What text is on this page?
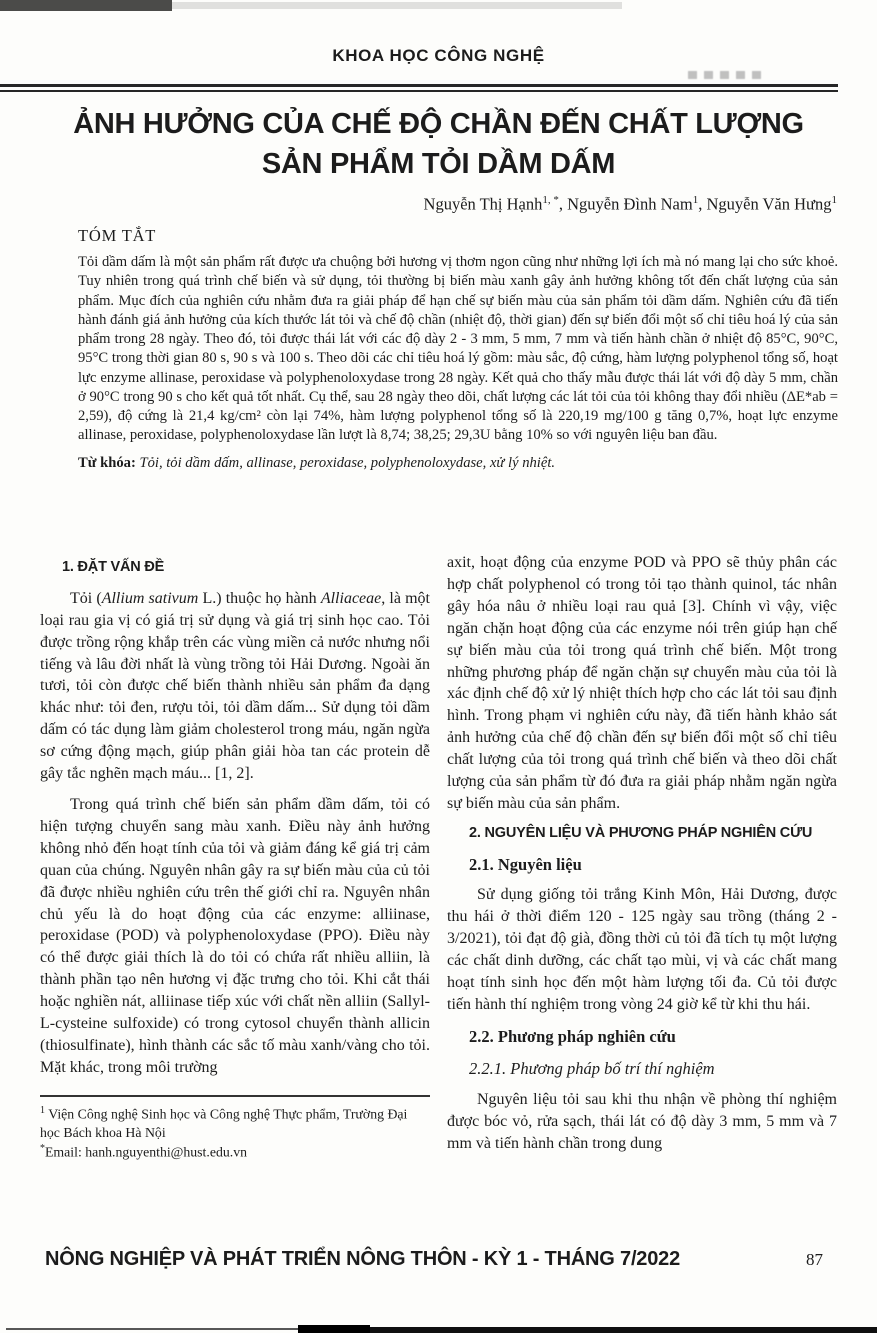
KHOA HỌC CÔNG NGHỆ
ẢNH HƯỞNG CỦA CHẾ ĐỘ CHẦN ĐẾN CHẤT LƯỢNG
SẢN PHẨM TỎI DẦM DẤM
Nguyễn Thị Hạnh$^{1, *}$, Nguyễn Đình Nam$^1$, Nguyễn Văn Hưng$^1$
TÓM TẮT
Tỏi dầm dấm là một sản phẩm rất được ưa chuộng bởi hương vị thơm ngon cũng như những lợi ích mà nó mang lại cho sức khoẻ. Tuy nhiên trong quá trình chế biến và sử dụng, tỏi thường bị biến màu xanh gây ảnh hưởng không tốt đến chất lượng của sản phẩm. Mục đích của nghiên cứu nhằm đưa ra giải pháp để hạn chế sự biến màu của sản phẩm tỏi dầm dấm. Nghiên cứu đã tiến hành đánh giá ảnh hưởng của kích thước lát tỏi và chế độ chần (nhiệt độ, thời gian) đến sự biến đổi một số chỉ tiêu hoá lý của sản phẩm trong 28 ngày. Theo đó, tỏi được thái lát với các độ dày 2 - 3 mm, 5 mm, 7 mm và tiến hành chần ở nhiệt độ 85°C, 90°C, 95°C trong thời gian 80 s, 90 s và 100 s. Theo dõi các chỉ tiêu hoá lý gồm: màu sắc, độ cứng, hàm lượng polyphenol tổng số, hoạt lực enzyme allinase, peroxidase và polyphenoloxydase trong 28 ngày. Kết quả cho thấy mẫu được thái lát với độ dày 5 mm, chần ở 90°C trong 90 s cho kết quả tốt nhất. Cụ thể, sau 28 ngày theo dõi, chất lượng các lát tỏi của tỏi không thay đổi nhiều (ΔE*ab = 2,59), độ cứng là 21,4 kg/cm² còn lại 74%, hàm lượng polyphenol tổng số là 220,19 mg/100 g tăng 0,7%, hoạt lực enzyme allinase, peroxidase, polyphenoloxydase lần lượt là 8,74; 38,25; 29,3U bằng 10% so với nguyên liệu ban đầu.
Từ khóa: Tỏi, tỏi dầm dấm, allinase, peroxidase, polyphenoloxydase, xử lý nhiệt.
1. ĐẶT VẤN ĐỀ

Tỏi (Allium sativum L.) thuộc họ hành Alliaceae, là một loại rau gia vị có giá trị sử dụng và giá trị sinh học cao. Tỏi được trồng rộng khắp trên các vùng miền cả nước nhưng nổi tiếng và lâu đời nhất là vùng trồng tỏi Hải Dương. Ngoài ăn tươi, tỏi còn được chế biến thành nhiều sản phẩm đa dạng khác như: tỏi đen, rượu tỏi, tỏi dầm dấm... Sử dụng tỏi dầm dấm có tác dụng làm giảm cholesterol trong máu, ngăn ngừa sơ cứng động mạch, giúp phân giải hòa tan các protein dễ gây tắc nghẽn mạch máu... [1, 2].

Trong quá trình chế biến sản phẩm dầm dấm, tỏi có hiện tượng chuyển sang màu xanh. Điều này ảnh hưởng không nhỏ đến hoạt tính của tỏi và giảm đáng kể giá trị cảm quan của chúng. Nguyên nhân gây ra sự biến màu của củ tỏi đã được nhiều nghiên cứu trên thế giới chỉ ra. Nguyên nhân chủ yếu là do hoạt động của các enzyme: alliinase, peroxidase (POD) và polyphenoloxydase (PPO). Điều này có thể được giải thích là do tỏi có chứa rất nhiều alliin, là thành phần tạo nên hương vị đặc trưng cho tỏi. Khi cắt thái hoặc nghiền nát, alliinase tiếp xúc với chất nền alliin (Sallyl-L-cysteine sulfoxide) có trong cytosol chuyển thành allicin (thiosulfinate), hình thành các sắc tố màu xanh/vàng cho tỏi. Mặt khác, trong môi trường

$^1$ Viện Công nghệ Sinh học và Công nghệ Thực phẩm, Trường Đại học Bách khoa Hà Nội

*Email: hanh.nguyenthi@hust.edu.vn

axit, hoạt động của enzyme POD và PPO sẽ thủy phân các hợp chất polyphenol có trong tỏi tạo thành quinol, tác nhân gây hóa nâu ở nhiều loại rau quả [3]. Chính vì vậy, việc ngăn chặn hoạt động của các enzyme nói trên giúp hạn chế sự biến màu của tỏi trong quá trình chế biến. Một trong những phương pháp để ngăn chặn sự chuyển màu của tỏi là xác định chế độ xử lý nhiệt thích hợp cho các lát tỏi sau định hình. Trong phạm vi nghiên cứu này, đã tiến hành khảo sát ảnh hưởng của chế độ chần đến sự biến đổi một số chỉ tiêu chất lượng của tỏi trong quá trình chế biến và theo dõi chất lượng của sản phẩm từ đó đưa ra giải pháp nhằm ngăn ngừa sự biến màu của sản phẩm.

2. NGUYÊN LIỆU VÀ PHƯƠNG PHÁP NGHIÊN CỨU
2.1. Nguyên liệu

Sử dụng giống tỏi trắng Kinh Môn, Hải Dương, được thu hái ở thời điểm 120 - 125 ngày sau trồng (tháng 2 - 3/2021), tỏi đạt độ già, đồng thời củ tỏi đã tích tụ một lượng các chất dinh dưỡng, các chất tạo mùi, vị và các chất mang hoạt tính sinh học đến một hàm lượng tối đa. Củ tỏi được tiến hành thí nghiệm trong vòng 24 giờ kể từ khi thu hái.

2.2. Phương pháp nghiên cứu
2.2.1. Phương pháp bố trí thí nghiệm

Nguyên liệu tỏi sau khi thu nhận về phòng thí nghiệm được bóc vỏ, rửa sạch, thái lát có độ dày 3 mm, 5 mm và 7 mm và tiến hành chần trong dung

NÔNG NGHIỆP VÀ PHÁT TRIỂN NÔNG THÔN - KỲ 1 - THÁNG 7/2022	87
